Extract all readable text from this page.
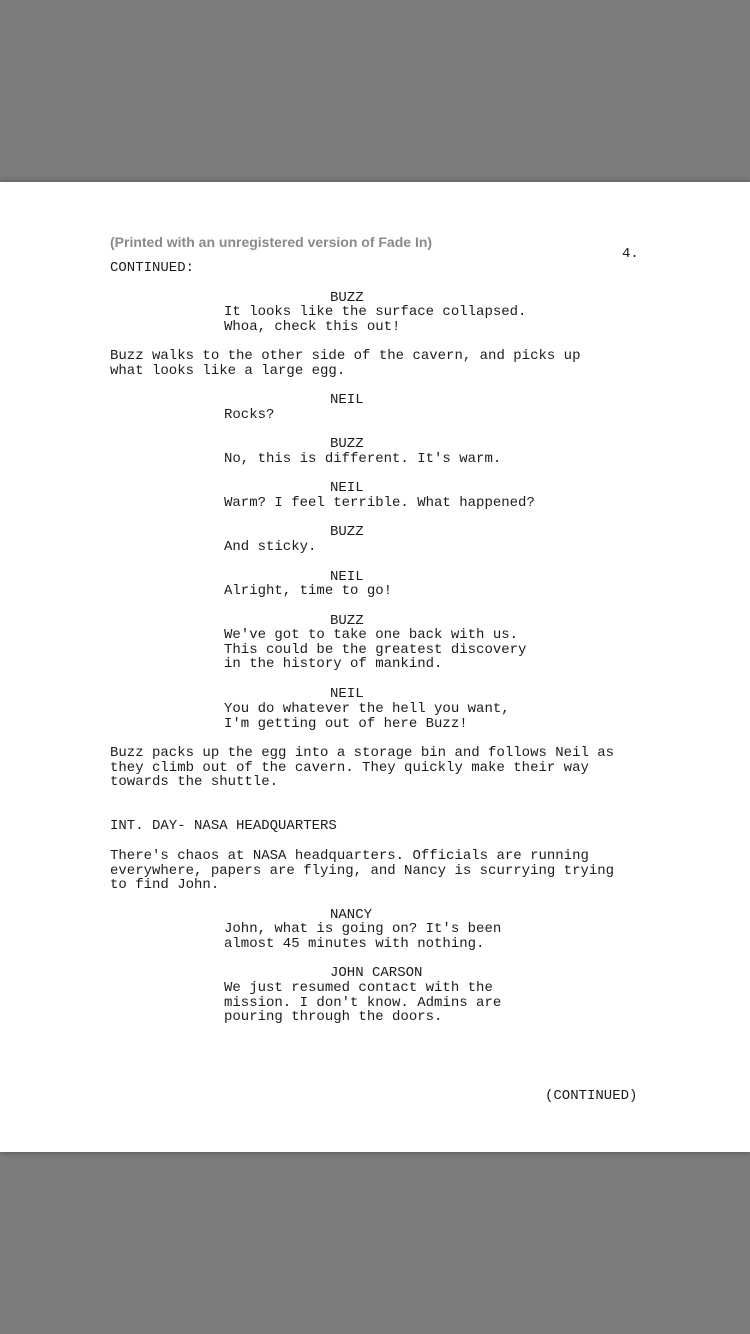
(Printed with an unregistered version of Fade In)
4.
CONTINUED:
BUZZ
It looks like the surface collapsed.
Whoa, check this out!
Buzz walks to the other side of the cavern, and picks up
what looks like a large egg.
NEIL
Rocks?
BUZZ
No, this is different. It's warm.
NEIL
Warm? I feel terrible. What happened?
BUZZ
And sticky.
NEIL
Alright, time to go!
BUZZ
We've got to take one back with us.
This could be the greatest discovery
in the history of mankind.
NEIL
You do whatever the hell you want,
I'm getting out of here Buzz!
Buzz packs up the egg into a storage bin and follows Neil as
they climb out of the cavern. They quickly make their way
towards the shuttle.
INT. DAY- NASA HEADQUARTERS
There's chaos at NASA headquarters. Officials are running
everywhere, papers are flying, and Nancy is scurrying trying
to find John.
NANCY
John, what is going on? It's been
almost 45 minutes with nothing.
JOHN CARSON
We just resumed contact with the
mission. I don't know. Admins are
pouring through the doors.
(CONTINUED)
